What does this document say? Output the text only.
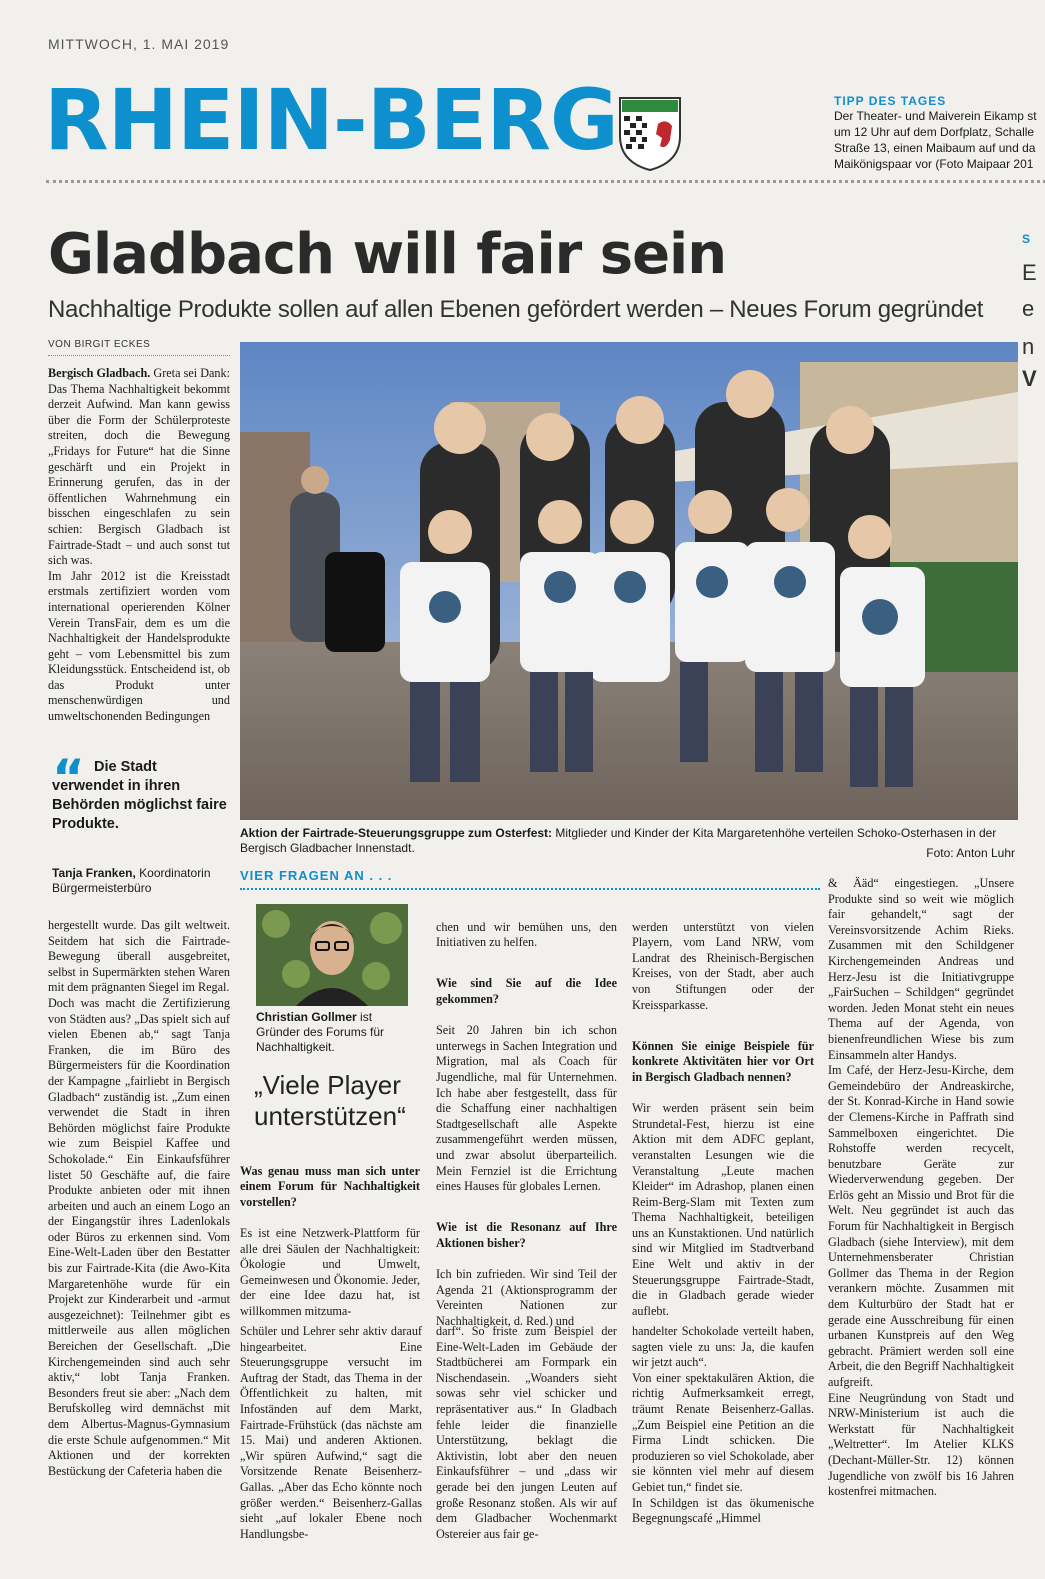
MITTWOCH, 1. MAI 2019
RHEIN-BERG	TIPP DES TAGES
Der Theater- und Maiverein Eikamp st
um 12 Uhr auf dem Dorfplatz, Schalle
Straße 13, einen Maibaum auf und da
Maikönigspaar vor (Foto Maipaar 201
Gladbach will fair sein
Nachhaltige Produkte sollen auf allen Ebenen gefördert werden – Neues Forum gegründet
VON BIRGIT ECKES
Bergisch Gladbach. Greta sei Dank: Das Thema Nachhaltigkeit bekommt derzeit Aufwind. Man kann gewiss über die Form der Schülerproteste streiten, doch die Bewegung „Fridays for Future“ hat die Sinne geschärft und ein Projekt in Erinnerung gerufen, das in der öffentlichen Wahrnehmung ein bisschen eingeschlafen zu sein schien: Bergisch Gladbach ist Fairtrade-Stadt – und auch sonst tut sich was.
Im Jahr 2012 ist die Kreisstadt erstmals zertifiziert worden vom international operierenden Kölner Verein TransFair, dem es um die Nachhaltigkeit der Handelsprodukte geht – vom Lebensmittel bis zum Kleidungsstück. Entscheidend ist, ob das Produkt unter menschenwürdigen und umweltschonenden Bedingungen
“ Die Stadt verwendet in ihren Behörden möglichst faire Produkte.
Tanja Franken, Koordinatorin Bürgermeisterbüro
hergestellt wurde. Das gilt weltweit. Seitdem hat sich die Fairtrade-Bewegung überall ausgebreitet, selbst in Supermärkten stehen Waren mit dem prägnanten Siegel im Regal.
Doch was macht die Zertifizierung von Städten aus? „Das spielt sich auf vielen Ebenen ab,“ sagt Tanja Franken, die im Büro des Bürgermeisters für die Koordination der Kampagne „fairliebt in Bergisch Gladbach“ zuständig ist. „Zum einen verwendet die Stadt in ihren Behörden möglichst faire Produkte wie zum Beispiel Kaffee und Schokolade.“ Ein Einkaufsführer listet 50 Geschäfte auf, die faire Produkte anbieten oder mit ihnen arbeiten und auch an einem Logo an der Eingangstür ihres Ladenlokals oder Büros zu erkennen sind. Vom Eine-Welt-Laden über den Bestatter bis zur Fairtrade-Kita (die Awo-Kita Margaretenhöhe wurde für ein Projekt zur Kinderarbeit und -armut ausgezeichnet): Teilnehmer gibt es mittlerweile aus allen möglichen Bereichen der Gesellschaft. „Die Kirchengemeinden sind auch sehr aktiv,“ lobt Tanja Franken. Besonders freut sie aber: „Nach dem Berufskolleg wird demnächst mit dem Albertus-Magnus-Gymnasium die erste Schule aufgenommen.“ Mit Aktionen und der korrekten Bestückung der Cafeteria haben die
Aktion der Fairtrade-Steuerungsgruppe zum Osterfest: Mitglieder und Kinder der Kita Margaretenhöhe verteilen Schoko-Osterhasen in der Bergisch Gladbacher Innenstadt.	Foto: Anton Luhr
VIER FRAGEN AN . . .
Christian Gollmer ist Gründer des Forums für Nachhaltigkeit.
„Viele Player
unterstützen“

Was genau muss man sich unter einem Forum für Nachhaltigkeit vorstellen?

Es ist eine Netzwerk-Plattform für alle drei Säulen der Nachhaltigkeit: Ökologie und Umwelt, Gemeinwesen und Ökonomie. Jeder, der eine Idee dazu hat, ist willkommen mitzuma-

chen und wir bemühen uns, den Initiativen zu helfen.

Wie sind Sie auf die Idee gekommen?

Seit 20 Jahren bin ich schon unterwegs in Sachen Integration und Migration, mal als Coach für Jugendliche, mal für Unternehmen. Ich habe aber festgestellt, dass für die Schaffung einer nachhaltigen Stadtgesellschaft alle Aspekte zusammengeführt werden müssen, und zwar absolut überparteilich. Mein Fernziel ist die Errichtung eines Hauses für globales Lernen.

Wie ist die Resonanz auf Ihre Aktionen bisher?

Ich bin zufrieden. Wir sind Teil der Agenda 21 (Aktionsprogramm der Vereinten Nationen zur Nachhaltigkeit, d. Red.) und

werden unterstützt von vielen Playern, vom Land NRW, vom Landrat des Rheinisch-Bergischen Kreises, von der Stadt, aber auch von Stiftungen oder der Kreissparkasse.

Können Sie einige Beispiele für konkrete Aktivitäten hier vor Ort in Bergisch Gladbach nennen?

Wir werden präsent sein beim Strundetal-Fest, hierzu ist eine Aktion mit dem ADFC geplant, veranstalten Lesungen wie die Veranstaltung „Leute machen Kleider“ im Adrashop, planen einen Reim-Berg-Slam mit Texten zum Thema Nachhaltigkeit, beteiligen uns an Kunstaktionen. Und natürlich sind wir Mitglied im Stadtverband Eine Welt und aktiv in der Steuerungsgruppe Fairtrade-Stadt, die in Gladbach gerade wieder auflebt.

Schüler und Lehrer sehr aktiv darauf hingearbeitet. Eine Steuerungsgruppe versucht im Auftrag der Stadt, das Thema in der Öffentlichkeit zu halten, mit Infoständen auf dem Markt, Fairtrade-Frühstück (das nächste am 15. Mai) und anderen Aktionen. „Wir spüren Aufwind,“ sagt die Vorsitzende Renate Beisenherz-Gallas. „Aber das Echo könnte noch größer werden.“ Beisenherz-Gallas sieht „auf lokaler Ebene noch Handlungsbe-
darf“. So friste zum Beispiel der Eine-Welt-Laden im Gebäude der Stadtbücherei am Formpark ein Nischendasein. „Woanders sieht sowas sehr viel schicker und repräsentativer aus.“ In Gladbach fehle leider die finanzielle Unterstützung, beklagt die Aktivistin, lobt aber den neuen Einkaufsführer – und „dass wir gerade bei den jungen Leuten auf große Resonanz stoßen. Als wir auf dem Gladbacher Wochenmarkt Ostereier aus fair ge-
handelter Schokolade verteilt haben, sagten viele zu uns: Ja, die kaufen wir jetzt auch“.
Von einer spektakulären Aktion, die richtig Aufmerksamkeit erregt, träumt Renate Beisenherz-Gallas. „Zum Beispiel eine Petition an die Firma Lindt schicken. Die produzieren so viel Schokolade, aber sie könnten viel mehr auf diesem Gebiet tun,“ findet sie.
In Schildgen ist das ökumenische Begegnungscafé „Himmel
& Ääd“ eingestiegen. „Unsere Produkte sind so weit wie möglich fair gehandelt,“ sagt der Vereinsvorsitzende Achim Rieks. Zusammen mit den Schildgener Kirchengemeinden Andreas und Herz-Jesu ist die Initiativgruppe „FairSuchen – Schildgen“ gegründet worden. Jeden Monat steht ein neues Thema auf der Agenda, von bienenfreundlichen Wiese bis zum Einsammeln alter Handys.
Im Café, der Herz-Jesu-Kirche, dem Gemeindebüro der Andreaskirche, der St. Konrad-Kirche in Hand sowie der Clemens-Kirche in Paffrath sind Sammelboxen eingerichtet. Die Rohstoffe werden recycelt, benutzbare Geräte zur Wiederverwendung gegeben. Der Erlös geht an Missio und Brot für die Welt. Neu gegründet ist auch das Forum für Nachhaltigkeit in Bergisch Gladbach (siehe Interview), mit dem Unternehmensberater Christian Gollmer das Thema in der Region verankern möchte. Zusammen mit dem Kulturbüro der Stadt hat er gerade eine Ausschreibung für einen urbanen Kunstpreis auf den Weg gebracht. Prämiert werden soll eine Arbeit, die den Begriff Nachhaltigkeit aufgreift.
Eine Neugründung von Stadt und NRW-Ministerium ist auch die Werkstatt für Nachhaltigkeit „Weltretter“. Im Atelier KLKS (Dechant-Müller-Str. 12) können Jugendliche von zwölf bis 16 Jahren kostenfrei mitmachen.
S
E
e
n
V
